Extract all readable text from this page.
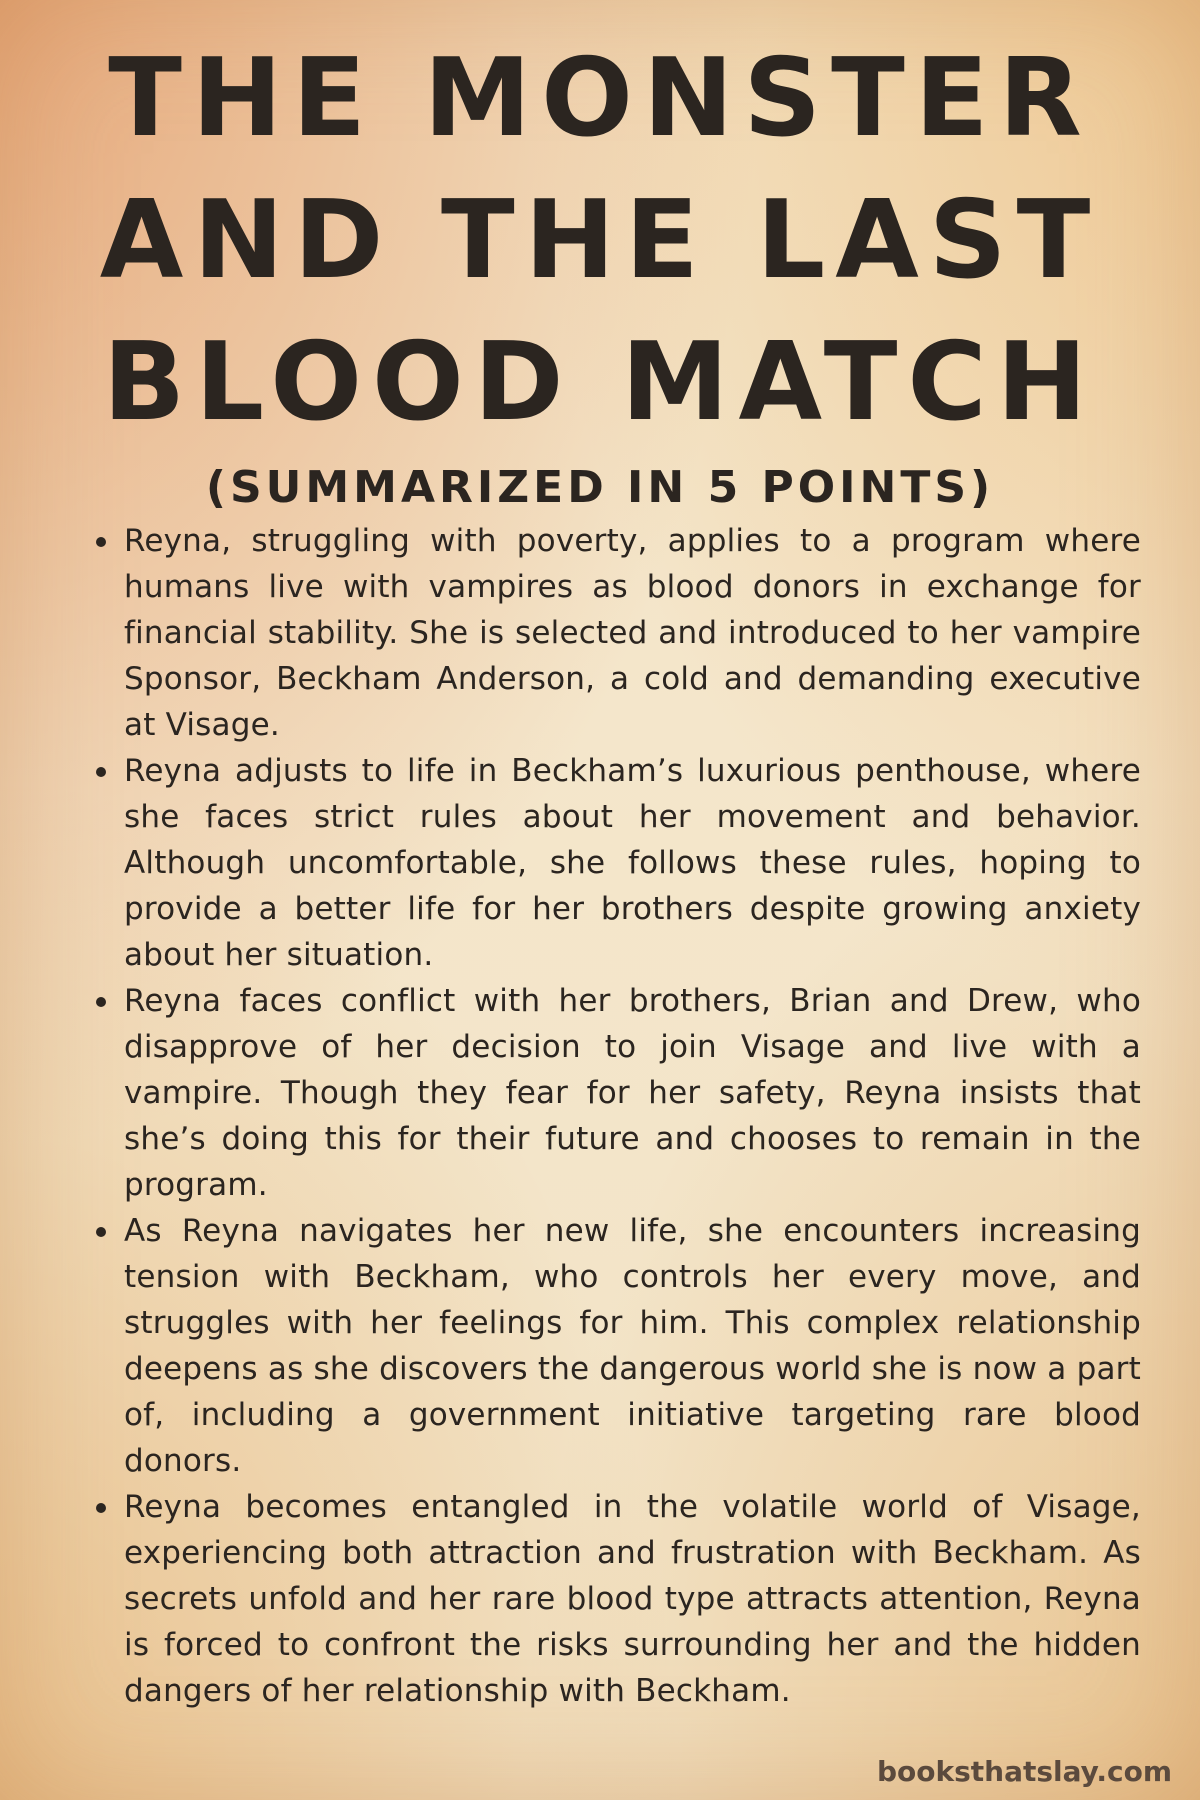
THE MONSTER
AND THE LAST
BLOOD MATCH
(SUMMARIZED IN 5 POINTS)
Reyna, struggling with poverty, applies to a program where humans live with vampires as blood donors in exchange for financial stability. She is selected and introduced to her vampire Sponsor, Beckham Anderson, a cold and demanding executive at Visage.
Reyna adjusts to life in Beckham’s luxurious penthouse, where she faces strict rules about her movement and behavior. Although uncomfortable, she follows these rules, hoping to provide a better life for her brothers despite growing anxiety about her situation.
Reyna faces conflict with her brothers, Brian and Drew, who disapprove of her decision to join Visage and live with a vampire. Though they fear for her safety, Reyna insists that she’s doing this for their future and chooses to remain in the program.
As Reyna navigates her new life, she encounters increasing tension with Beckham, who controls her every move, and struggles with her feelings for him. This complex relationship deepens as she discovers the dangerous world she is now a part of, including a government initiative targeting rare blood donors.
Reyna becomes entangled in the volatile world of Visage, experiencing both attraction and frustration with Beckham. As secrets unfold and her rare blood type attracts attention, Reyna is forced to confront the risks surrounding her and the hidden dangers of her relationship with Beckham.
booksthatslay.com
